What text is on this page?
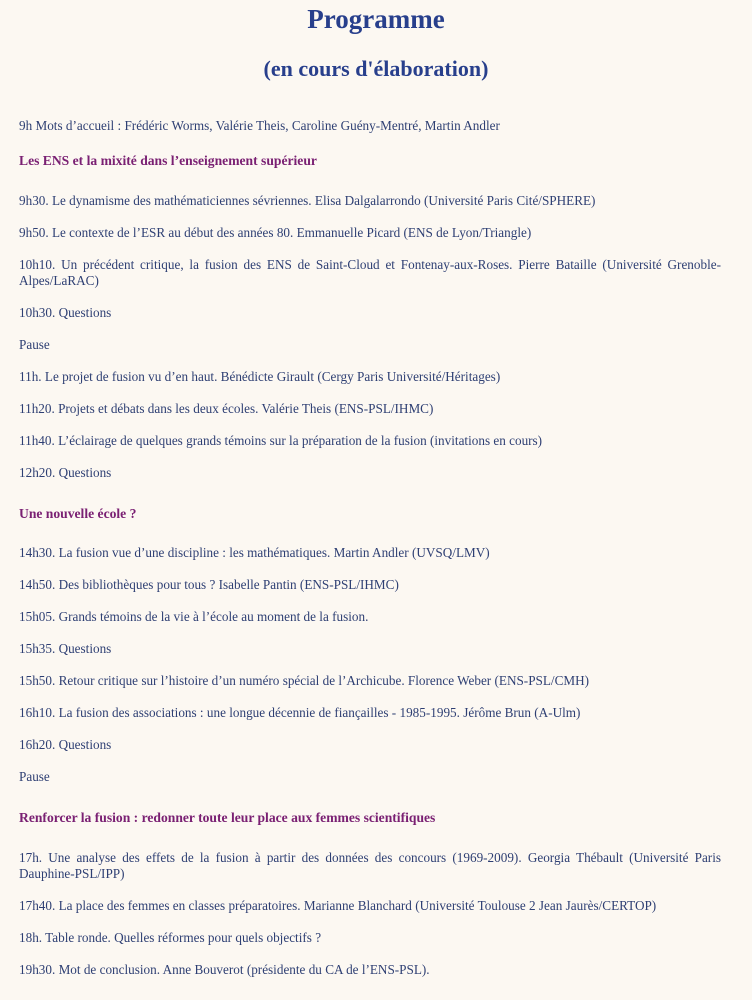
Programme
(en cours d'élaboration)

9h Mots d’accueil : Frédéric Worms, Valérie Theis, Caroline Guény-Mentré, Martin Andler

Les ENS et la mixité dans l’enseignement supérieur

9h30. Le dynamisme des mathématiciennes sévriennes. Elisa Dalgalarrondo (Université Paris Cité/SPHERE)

9h50. Le contexte de l’ESR au début des années 80. Emmanuelle Picard (ENS de Lyon/Triangle)

10h10. Un précédent critique, la fusion des ENS de Saint-Cloud et Fontenay-aux-Roses. Pierre Bataille (Université Grenoble-Alpes/LaRAC)

10h30. Questions

Pause

11h. Le projet de fusion vu d’en haut. Bénédicte Girault (Cergy Paris Université/Héritages)

11h20. Projets et débats dans les deux écoles. Valérie Theis (ENS-PSL/IHMC)

11h40. L’éclairage de quelques grands témoins sur la préparation de la fusion (invitations en cours)

12h20. Questions

Une nouvelle école ?

14h30. La fusion vue d’une discipline : les mathématiques. Martin Andler (UVSQ/LMV)

14h50. Des bibliothèques pour tous ? Isabelle Pantin (ENS-PSL/IHMC)

15h05. Grands témoins de la vie à l’école au moment de la fusion.

15h35. Questions

15h50. Retour critique sur l’histoire d’un numéro spécial de l’Archicube. Florence Weber (ENS-PSL/CMH)

16h10. La fusion des associations : une longue décennie de fiançailles - 1985-1995. Jérôme Brun (A-Ulm)

16h20. Questions

Pause

Renforcer la fusion : redonner toute leur place aux femmes scientifiques

17h. Une analyse des effets de la fusion à partir des données des concours (1969-2009). Georgia Thébault (Université Paris Dauphine-PSL/IPP)

17h40. La place des femmes en classes préparatoires. Marianne Blanchard (Université Toulouse 2 Jean Jaurès/CERTOP)

18h. Table ronde. Quelles réformes pour quels objectifs ?

19h30. Mot de conclusion. Anne Bouverot (présidente du CA de l’ENS-PSL).
